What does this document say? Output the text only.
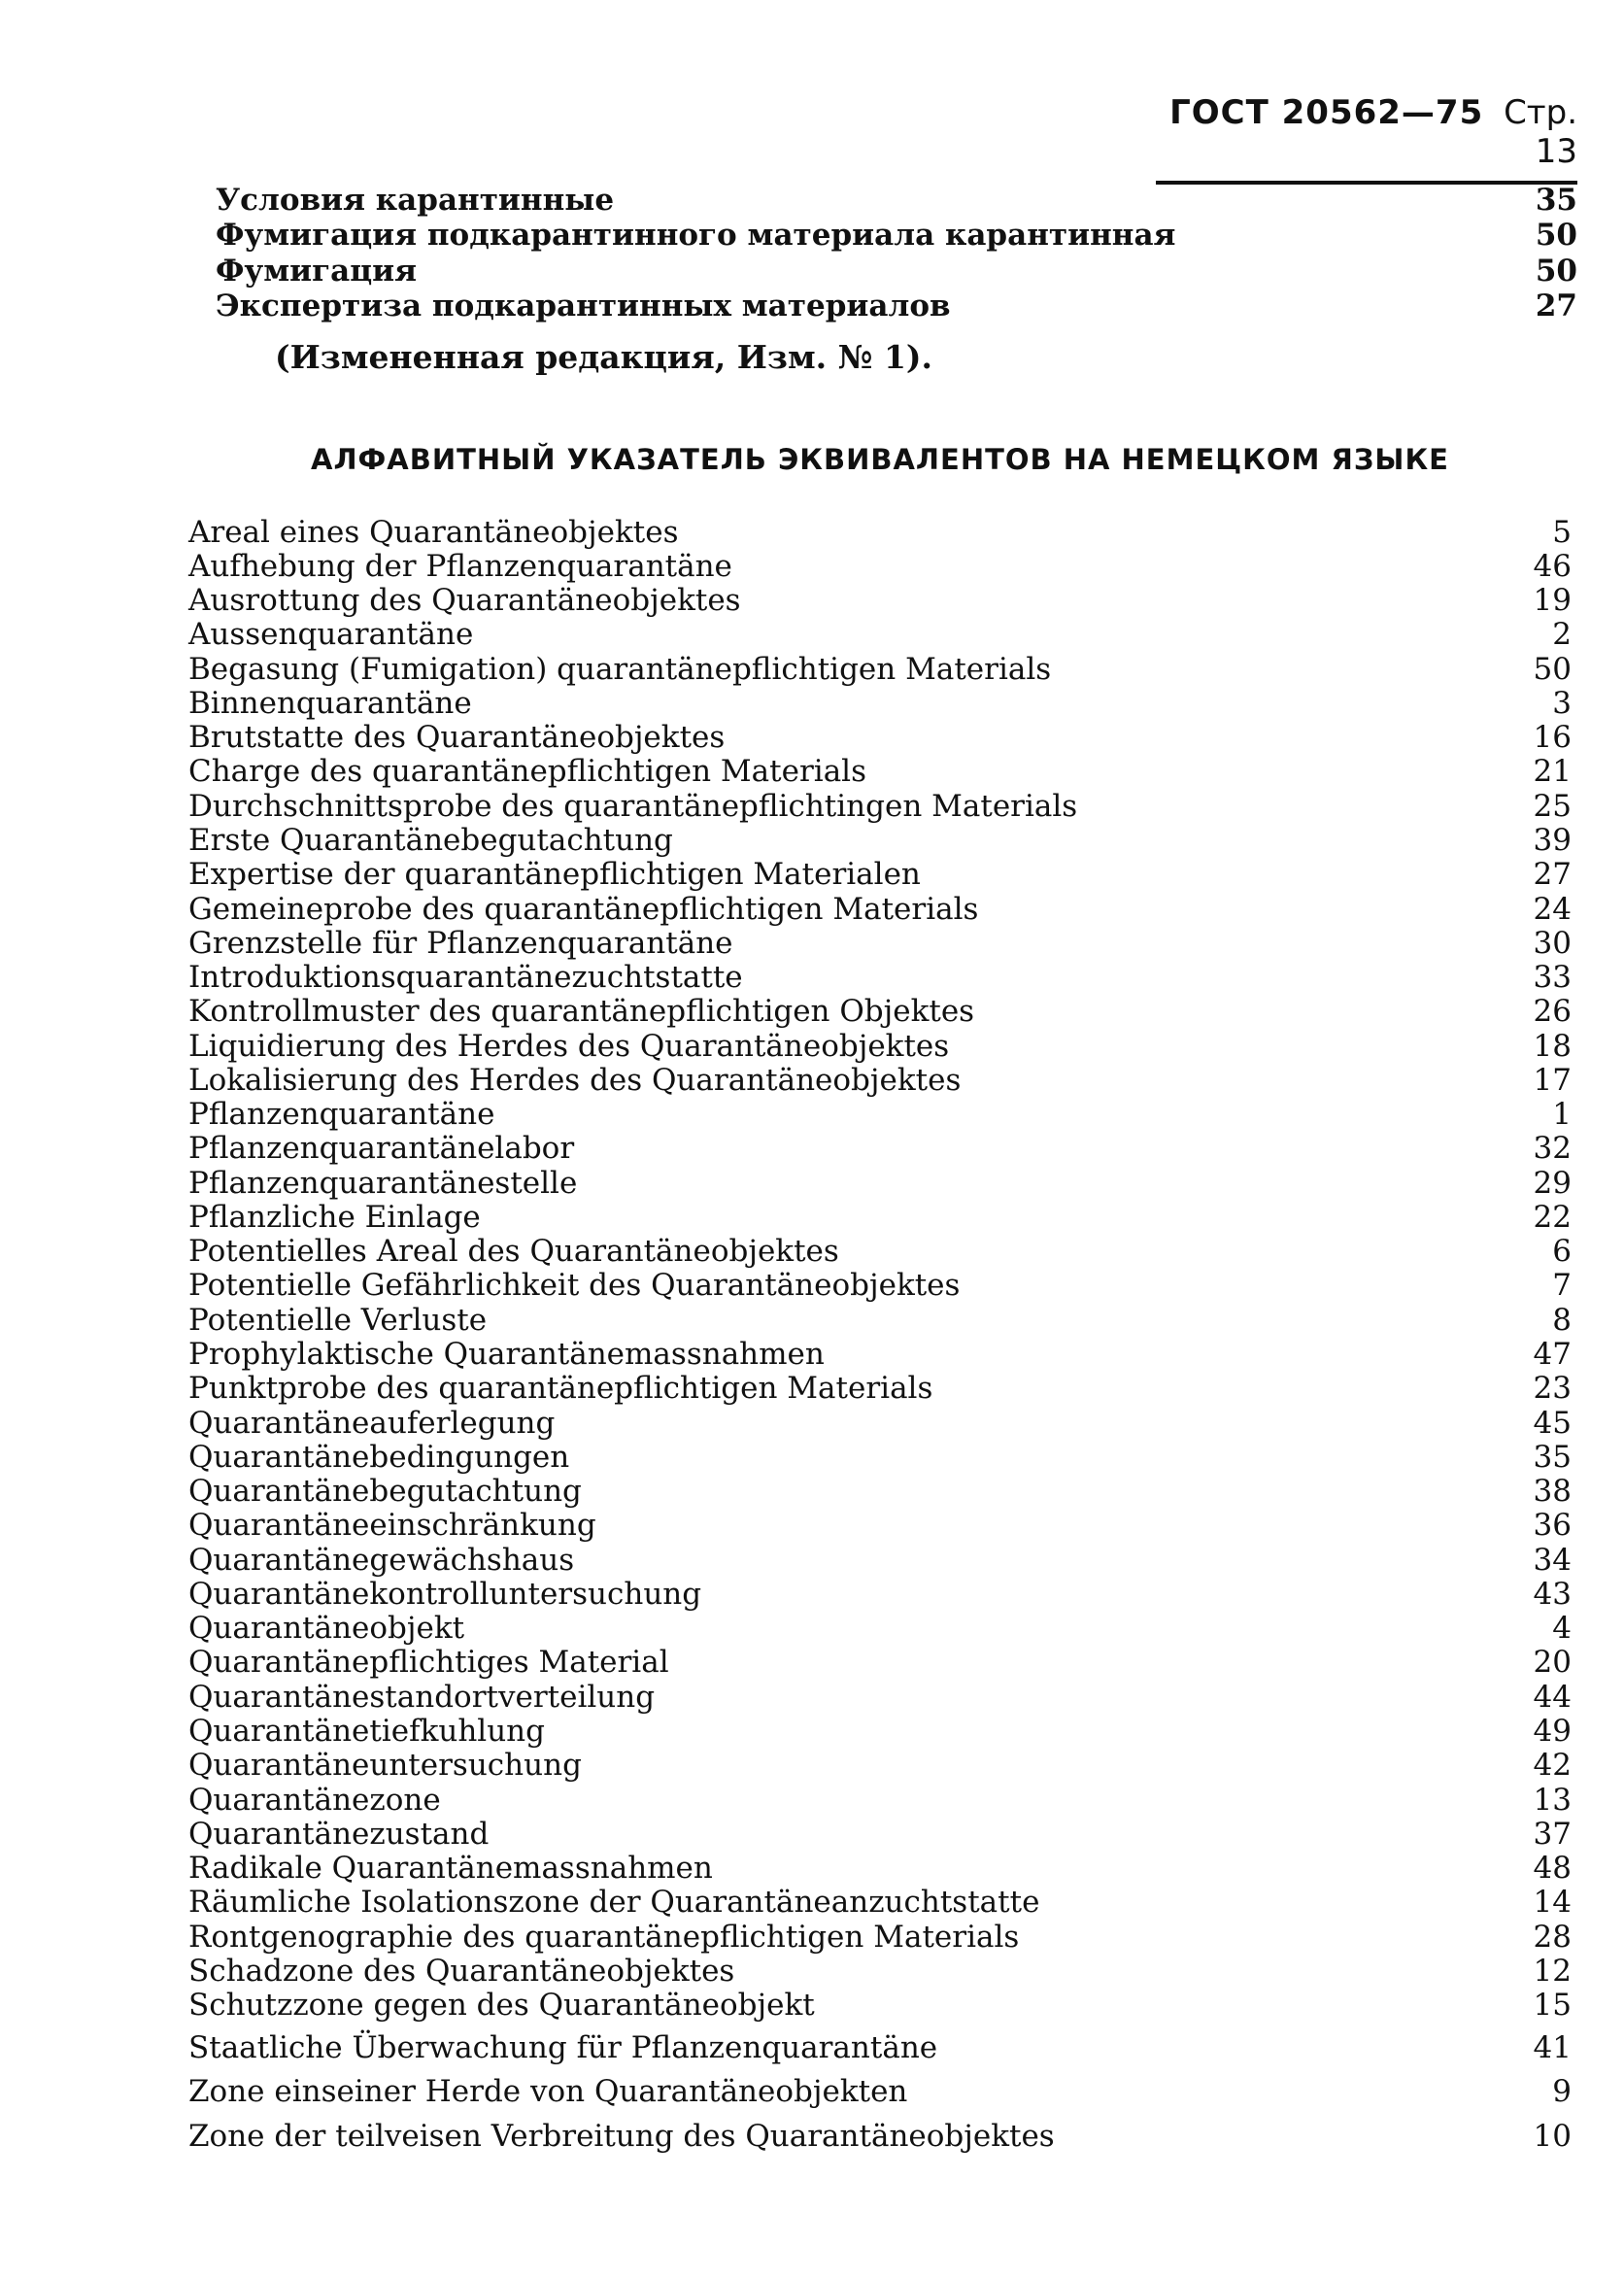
ГОСТ 20562—75 Стр. 13
Условия карантинные	35
Фумигация подкарантинного материала карантинная	50
Фумигация	50
Экспертиза подкарантинных материалов	27
(Измененная редакция, Изм. № 1).
АЛФАВИТНЫЙ УКАЗАТЕЛЬ ЭКВИВАЛЕНТОВ НА НЕМЕЦКОМ ЯЗЫКЕ
Areal eines Quarantäneobjektes	5
Aufhebung der Pflanzenquarantäne	46
Ausrottung des Quarantäneobjektes	19
Aussenquarantäne	2
Begasung (Fumigation) quarantänepflichtigen Materials	50
Binnenquarantäne	3
Brutstatte des Quarantäneobjektes	16
Charge des quarantänepflichtigen Materials	21
Durchschnittsprobe des quarantänepflichtingen Materials	25
Erste Quarantänebegutachtung	39
Expertise der quarantänepflichtigen Materialen	27
Gemeineprobe des quarantänepflichtigen Materials	24
Grenzstelle für Pflanzenquarantäne	30
Introduktionsquarantänezuchtstatte	33
Kontrollmuster des quarantänepflichtigen Objektes	26
Liquidierung des Herdes des Quarantäneobjektes	18
Lokalisierung des Herdes des Quarantäneobjektes	17
Pflanzenquarantäne	1
Pflanzenquarantänelabor	32
Pflanzenquarantänestelle	29
Pflanzliche Einlage	22
Potentielles Areal des Quarantäneobjektes	6
Potentielle Gefährlichkeit des Quarantäneobjektes	7
Potentielle Verluste	8
Prophylaktische Quarantänemassnahmen	47
Punktprobe des quarantänepflichtigen Materials	23
Quarantäneauferlegung	45
Quarantänebedingungen	35
Quarantänebegutachtung	38
Quarantäneeinschränkung	36
Quarantänegewächshaus	34
Quarantänekontrolluntersuchung	43
Quarantäneobjekt	4
Quarantänepflichtiges Material	20
Quarantänestandortverteilung	44
Quarantänetiefkuhlung	49
Quarantäneuntersuchung	42
Quarantänezone	13
Quarantänezustand	37
Radikale Quarantänemassnahmen	48
Räumliche Isolationszone der Quarantäneanzuchtstatte	14
Rontgenographie des quarantänepflichtigen Materials	28
Schadzone des Quarantäneobjektes	12
Schutzzone gegen des Quarantäneobjekt	15
Staatliche Überwachung für Pflanzenquarantäne	41
Zone einseiner Herde von Quarantäneobjekten	9
Zone der teilveisen Verbreitung des Quarantäneobjektes	10
